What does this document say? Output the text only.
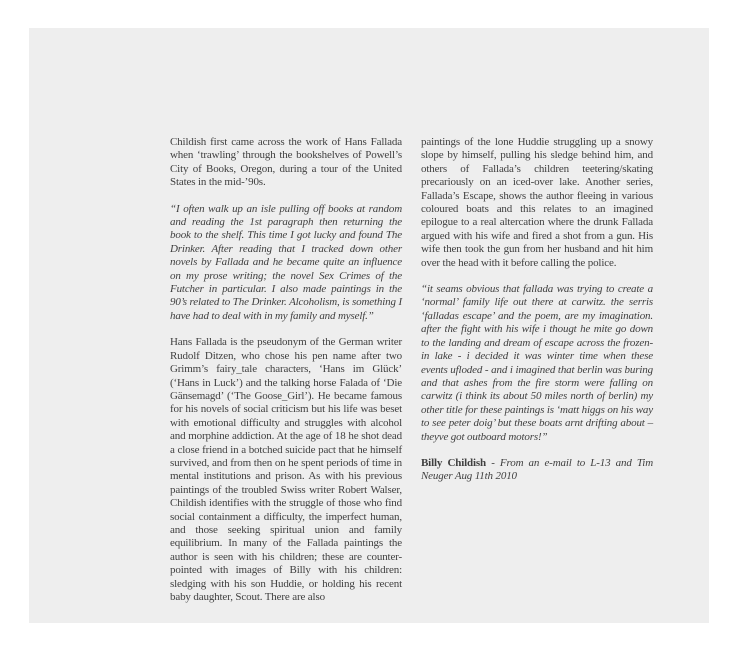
Childish first came across the work of Hans Fallada when ‘trawling’ through the bookshelves of Powell’s City of Books, Oregon, during a tour of the United States in the mid-’90s.

“I often walk up an isle pulling off books at random and reading the 1st paragraph then returning the book to the shelf. This time I got lucky and found The Drinker. After reading that I tracked down other novels by Fallada and he became quite an influence on my prose writing; the novel Sex Crimes of the Futcher in particular. I also made paintings in the 90’s related to The Drinker. Alcoholism, is something I have had to deal with in my family and myself.”

Hans Fallada is the pseudonym of the German writer Rudolf Ditzen, who chose his pen name after two Grimm’s fairy_tale characters, ‘Hans im Glück’ (‘Hans in Luck’) and the talking horse Falada of ‘Die Gänsemagd’ (‘The Goose_Girl’). He became famous for his novels of social criticism but his life was beset with emotional difficulty and struggles with alcohol and morphine addiction. At the age of 18 he shot dead a close friend in a botched suicide pact that he himself survived, and from then on he spent periods of time in mental institutions and prison. As with his previous paintings of the troubled Swiss writer Robert Walser, Childish identifies with the struggle of those who find social containment a difficulty, the imperfect human, and those seeking spiritual union and family equilibrium. In many of the Fallada paintings the author is seen with his children; these are counter-pointed with images of Billy with his children: sledging with his son Huddie, or holding his recent baby daughter, Scout. There are also

paintings of the lone Huddie struggling up a snowy slope by himself, pulling his sledge behind him, and others of Fallada’s children teetering/skating precariously on an iced-over lake. Another series, Fallada’s Escape, shows the author fleeing in various coloured boats and this relates to an imagined epilogue to a real altercation where the drunk Fallada argued with his wife and fired a shot from a gun. His wife then took the gun from her husband and hit him over the head with it before calling the police.

“it seams obvious that fallada was trying to create a ‘normal’ family life out there at carwitz. the serris ‘falladas escape’ and the poem, are my imagination. after the fight with his wife i thougt he mite go down to the landing and dream of escape across the frozen-in lake - i decided it was winter time when these events ufloded - and i imagined that berlin was buring and that ashes from the fire storm were falling on carwitz (i think its about 50 miles north of berlin) my other title for these paintings is ‘matt higgs on his way to see peter doig’ but these boats arnt drifting about – theyve got outboard motors!”

Billy Childish - From an e-mail to L-13 and Tim Neuger Aug 11th 2010
